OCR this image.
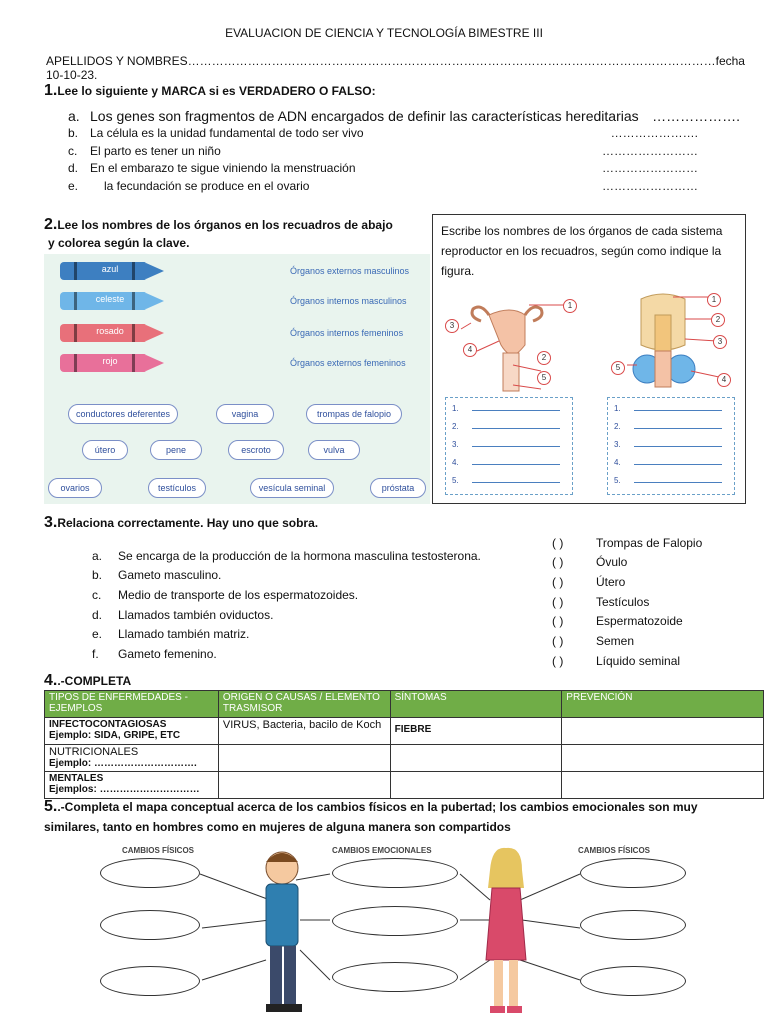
EVALUACION DE CIENCIA Y TECNOLOGÍA BIMESTRE III
APELLIDOS Y NOMBRES……………………………………………………………………………………………………………………fecha 10-10-23.
1.Lee lo siguiente y MARCA si es VERDADERO O FALSO:
a. Los genes son fragmentos de ADN encargados de definir las características hereditarias ……………….
b. La célula es la unidad fundamental de todo ser vivo	………………….
c. El parto es tener un niño	……………………
d. En el embarazo te sigue viniendo la menstruación	……………………
e. la fecundación se produce en el ovario	……………………
2.Lee los nombres de los órganos en los recuadros de abajo
y colorea según la clave.
azul	Órganos externos masculinos
celeste	Órganos internos masculinos
rosado	Órganos internos femeninos
rojo	Órganos externos femeninos
conductores deferentes	vagina	trompas de falopio
útero	pene	escroto	vulva
ovarios	testículos	vesícula seminal	próstata
Escribe los nombres de los órganos de cada sistema reproductor en los recuadros, según como indique la figura.
1
3
4
2
5
1
2
3
5
4
1.
2.
3.
4.
5.
1.
2.
3.
4.
5.
3.Relaciona correctamente. Hay uno que sobra.
a. Se encarga de la producción de la hormona masculina testosterona.
b. Gameto masculino.
c. Medio de transporte de los espermatozoides.
d. Llamados también oviductos.
e. Llamado también matriz.
f. Gameto femenino.
( )	Trompas de Falopio
( )	Óvulo
( )	Útero
( )	Testículos
( )	Espermatozoide
( )	Semen
( )	Líquido seminal
4..-COMPLETA
TIPOS DE ENFERMEDADES - EJEMPLOS	ORIGEN O CAUSAS / ELEMENTO TRASMISOR	SÍNTOMAS	PREVENCIÓN

INFECTOCONTAGIOSAS
Ejemplo: SIDA, GRIPE, ETC	VIRUS, Bacteria, bacilo de Koch	FIEBRE	

NUTRICIONALES
Ejemplo: ………………………….			

MENTALES
Ejemplos: …………………………			

5..-Completa el mapa conceptual acerca de los cambios físicos en la pubertad; los cambios emocionales son muy
similares, tanto en hombres como en mujeres de alguna manera son compartidos
CAMBIOS FÍSICOS	CAMBIOS EMOCIONALES	CAMBIOS FÍSICOS
